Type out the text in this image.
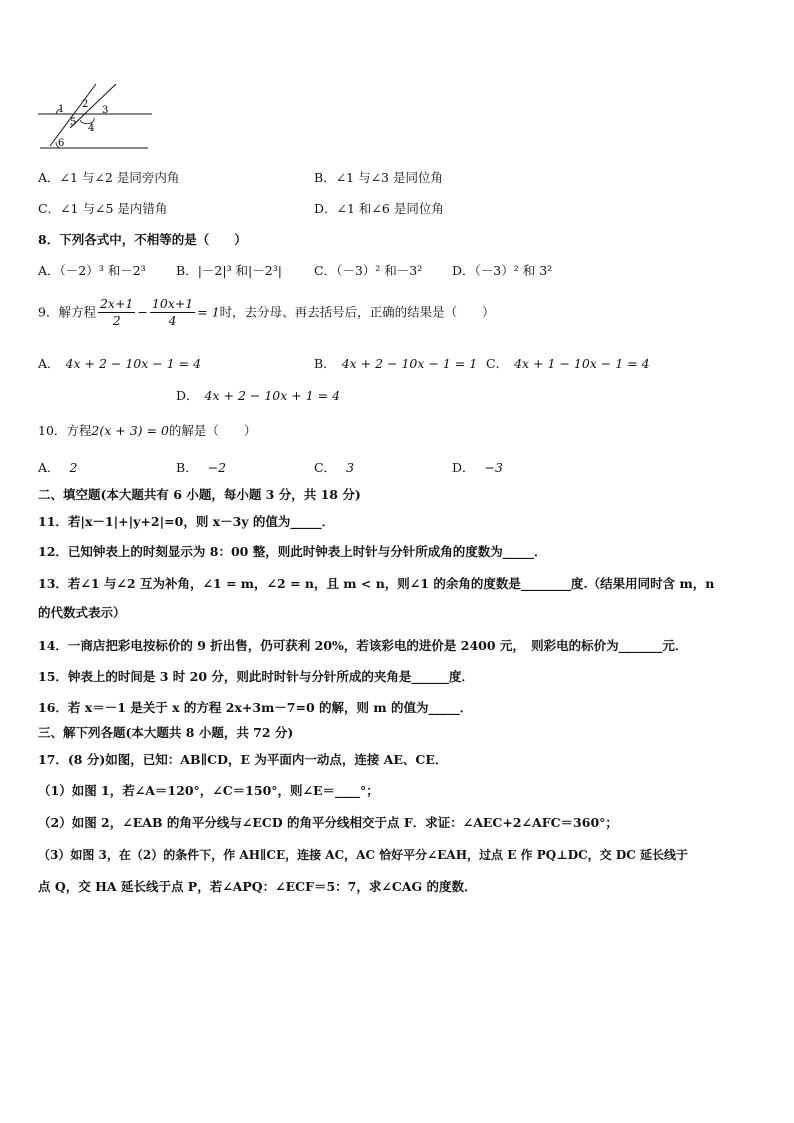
1 2
3
5
4
6
A．∠1 与∠2 是同旁内角	B．∠1 与∠3 是同位角
C．∠1 与∠5 是内错角	D．∠1 和∠6 是同位角
8．下列各式中，不相等的是（　　）
A．（－2）³ 和－2³ B．|－2|³ 和|－2³|	C．（－3）² 和－3² D．（－3）² 和 3²
9．解方程 $\frac{2x+1}{2} - \frac{10x+1}{4} = 1$时，去分母、再去括号后，正确的结果是（　　）
A． 4x + 2 − 10x − 1 = 4	B． 4x + 2 − 10x − 1 = 1 C． 4x + 1 − 10x − 1 = 4
D． 4x + 2 − 10x + 1 = 4
10．方程2(x + 3) = 0的解是（　　）
A． 2	B． −2	C． 3	D． −3
二、填空题(本大题共有 6 小题，每小题 3 分，共 18 分)
11．若|x－1|+|y+2|=0，则 x－3y 的值为_____．
12．已知钟表上的时刻显示为 8：00 整，则此时钟表上时针与分针所成角的度数为_____．
13．若∠1 与∠2 互为补角，∠1 = m，∠2 = n，且 m < n，则∠1 的余角的度数是________度.（结果用同时含 m，n
的代数式表示）
14．一商店把彩电按标价的 9 折出售，仍可获利 20%，若该彩电的进价是 2400 元，　则彩电的标价为_______元．
15．钟表上的时间是 3 时 20 分，则此时时针与分针所成的夹角是______度．
16．若 x＝－1 是关于 x 的方程 2x+3m－7=0 的解，则 m 的值为_____．
三、解下列各题(本大题共 8 小题，共 72 分)
17．(8 分)如图，已知：AB∥CD，E 为平面内一动点，连接 AE、CE．
（1）如图 1，若∠A＝120°，∠C＝150°，则∠E＝____°；
（2）如图 2，∠EAB 的角平分线与∠ECD 的角平分线相交于点 F．求证：∠AEC+2∠AFC＝360°；
（3）如图 3，在（2）的条件下，作 AH∥CE，连接 AC，AC 恰好平分∠EAH，过点 E 作 PQ⊥DC，交 DC 延长线于
点 Q，交 HA 延长线于点 P，若∠APQ：∠ECF＝5：7，求∠CAG 的度数．
